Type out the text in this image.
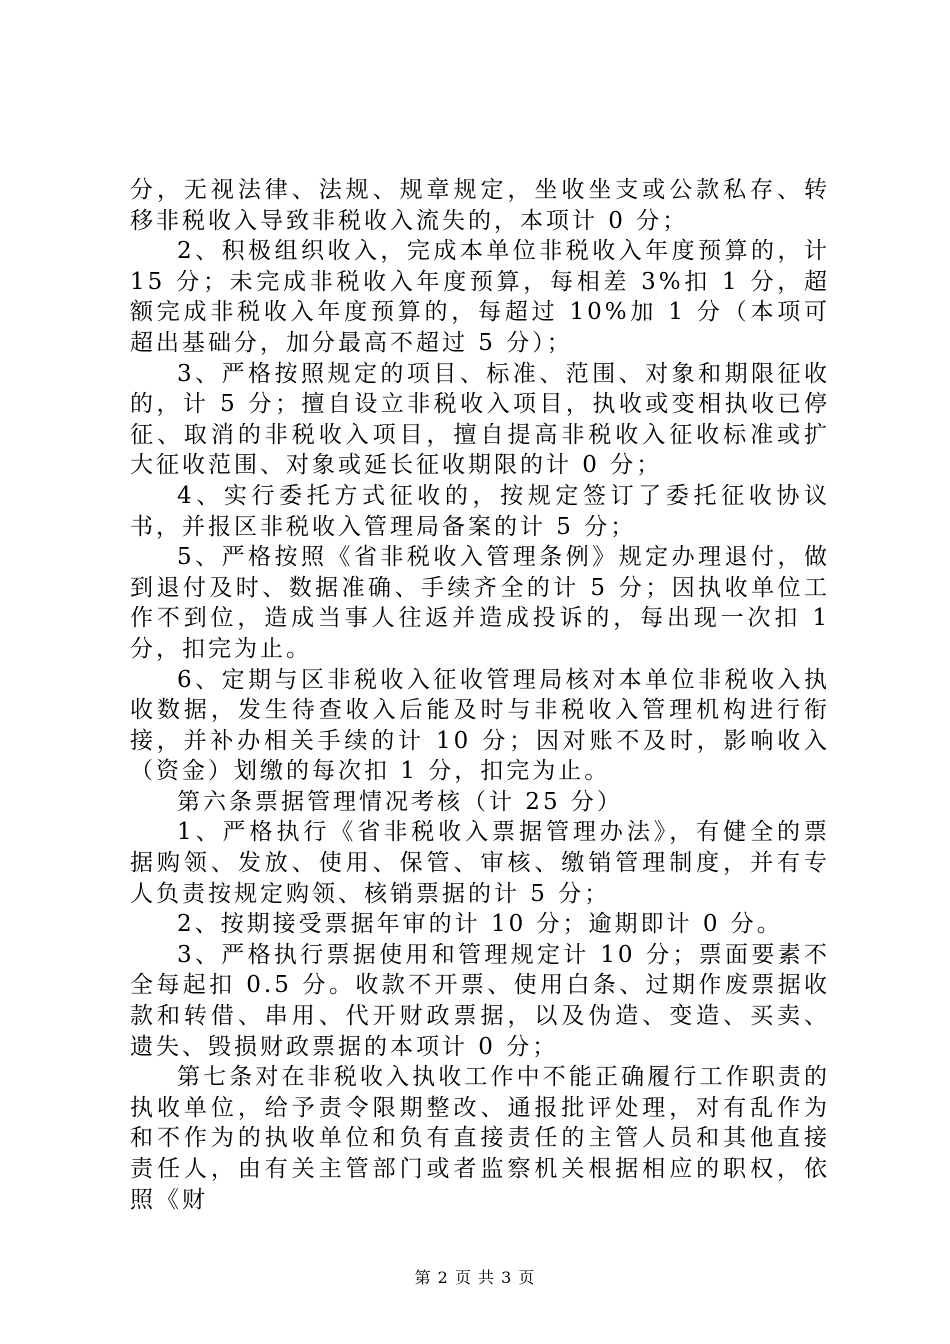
分，无视法律、法规、规章规定，坐收坐支或公款私存、转移非税收入导致非税收入流失的，本项计 0 分；

2、积极组织收入，完成本单位非税收入年度预算的，计 15 分；未完成非税收入年度预算，每相差 3%扣 1 分，超额完成非税收入年度预算的，每超过 10%加 1 分（本项可超出基础分，加分最高不超过 5 分）；

3、严格按照规定的项目、标准、范围、对象和期限征收的，计 5 分；擅自设立非税收入项目，执收或变相执收已停征、取消的非税收入项目，擅自提高非税收入征收标准或扩大征收范围、对象或延长征收期限的计 0 分；

4、实行委托方式征收的，按规定签订了委托征收协议书，并报区非税收入管理局备案的计 5 分；

5、严格按照《省非税收入管理条例》规定办理退付，做到退付及时、数据准确、手续齐全的计 5 分；因执收单位工作不到位，造成当事人往返并造成投诉的，每出现一次扣 1 分，扣完为止。

6、定期与区非税收入征收管理局核对本单位非税收入执收数据，发生待查收入后能及时与非税收入管理机构进行衔接，并补办相关手续的计 10 分；因对账不及时，影响收入（资金）划缴的每次扣 1 分，扣完为止。

第六条票据管理情况考核（计 25 分）

1、严格执行《省非税收入票据管理办法》，有健全的票据购领、发放、使用、保管、审核、缴销管理制度，并有专人负责按规定购领、核销票据的计 5 分；

2、按期接受票据年审的计 10 分；逾期即计 0 分。

3、严格执行票据使用和管理规定计 10 分；票面要素不全每起扣 0.5 分。收款不开票、使用白条、过期作废票据收款和转借、串用、代开财政票据，以及伪造、变造、买卖、遗失、毁损财政票据的本项计 0 分；

第七条对在非税收入执收工作中不能正确履行工作职责的执收单位，给予责令限期整改、通报批评处理，对有乱作为和不作为的执收单位和负有直接责任的主管人员和其他直接责任人，由有关主管部门或者监察机关根据相应的职权，依照《财

第 2 页 共 3 页
